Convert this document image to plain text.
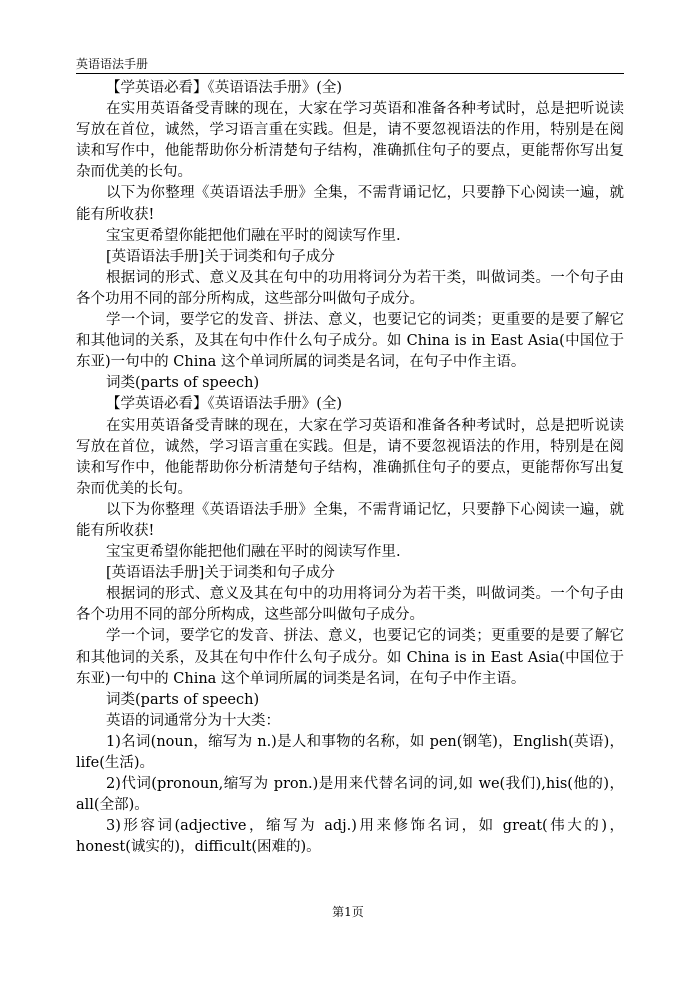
英语语法手册

【学英语必看】《英语语法手册》(全)

在实用英语备受青睐的现在，大家在学习英语和准备各种考试时，总是把听说读写放在首位，诚然，学习语言重在实践。但是，请不要忽视语法的作用，特别是在阅读和写作中，他能帮助你分析清楚句子结构，准确抓住句子的要点，更能帮你写出复杂而优美的长句。

以下为你整理《英语语法手册》全集，不需背诵记忆，只要静下心阅读一遍，就能有所收获!

宝宝更希望你能把他们融在平时的阅读写作里.

[英语语法手册]关于词类和句子成分

根据词的形式、意义及其在句中的功用将词分为若干类，叫做词类。一个句子由各个功用不同的部分所构成，这些部分叫做句子成分。

学一个词，要学它的发音、拼法、意义，也要记它的词类；更重要的是要了解它和其他词的关系，及其在句中作什么句子成分。如 China is in East Asia(中国位于东亚)一句中的 China 这个单词所属的词类是名词，在句子中作主语。

词类(parts of speech)

【学英语必看】《英语语法手册》(全)

在实用英语备受青睐的现在，大家在学习英语和准备各种考试时，总是把听说读写放在首位，诚然，学习语言重在实践。但是，请不要忽视语法的作用，特别是在阅读和写作中，他能帮助你分析清楚句子结构，准确抓住句子的要点，更能帮你写出复杂而优美的长句。

以下为你整理《英语语法手册》全集，不需背诵记忆，只要静下心阅读一遍，就能有所收获!

宝宝更希望你能把他们融在平时的阅读写作里.

[英语语法手册]关于词类和句子成分

根据词的形式、意义及其在句中的功用将词分为若干类，叫做词类。一个句子由各个功用不同的部分所构成，这些部分叫做句子成分。

学一个词，要学它的发音、拼法、意义，也要记它的词类；更重要的是要了解它和其他词的关系，及其在句中作什么句子成分。如 China is in East Asia(中国位于东亚)一句中的 China 这个单词所属的词类是名词，在句子中作主语。

词类(parts of speech)

英语的词通常分为十大类：

1)名词(noun，缩写为 n.)是人和事物的名称，如 pen(钢笔)，English(英语)，life(生活)。

2)代词(pronoun,缩写为 pron.)是用来代替名词的词,如 we(我们),his(他的)，all(全部)。

3)形容词(adjective，缩写为 adj.)用来修饰名词，如 great(伟大的)，honest(诚实的)，difficult(困难的)。

第1页
